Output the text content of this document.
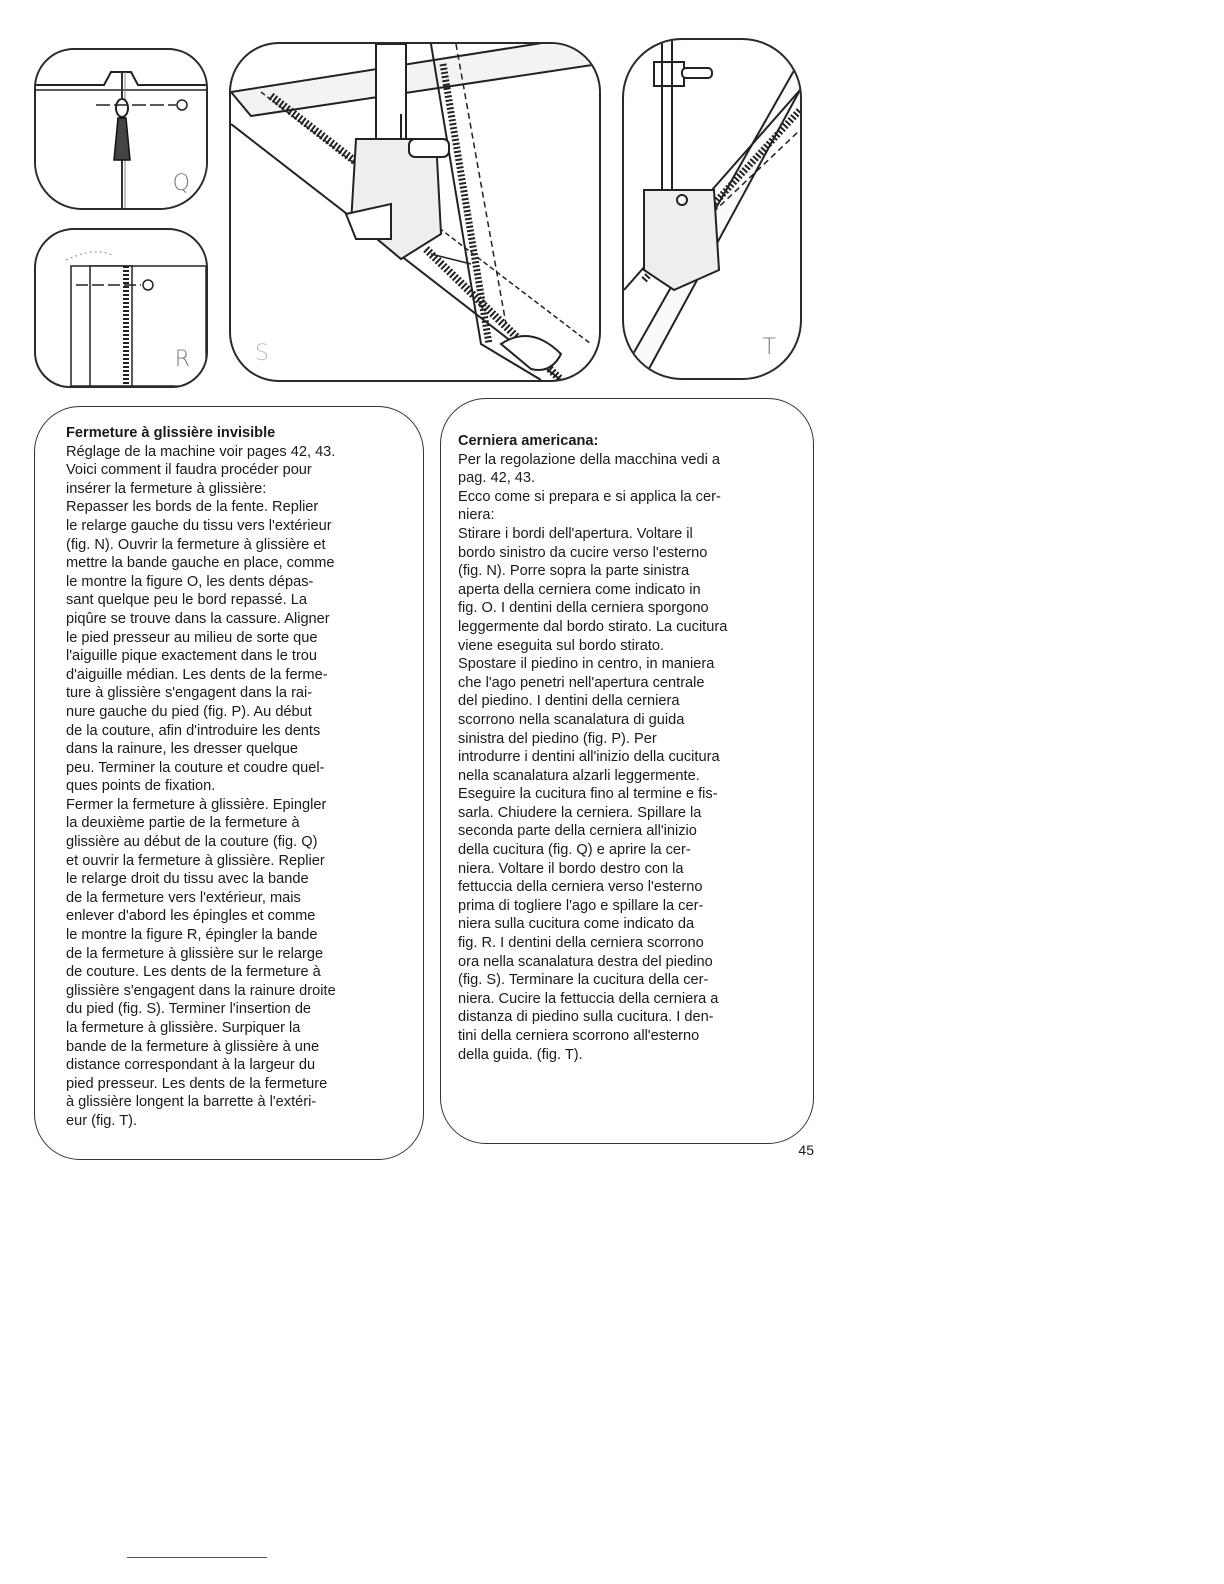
Q
R	S	T
Fermeture à glissière invisible
Réglage de la machine voir pages 42, 43.
Voici comment il faudra procéder pour
insérer la fermeture à glissière:
Repasser les bords de la fente. Replier
le relarge gauche du tissu vers l'extérieur
(fig. N). Ouvrir la fermeture à glissière et
mettre la bande gauche en place, comme
le montre la figure O, les dents dépas-
sant quelque peu le bord repassé. La
piqûre se trouve dans la cassure. Aligner
le pied presseur au milieu de sorte que
l'aiguille pique exactement dans le trou
d'aiguille médian. Les dents de la ferme-
ture à glissière s'engagent dans la rai-
nure gauche du pied (fig. P). Au début
de la couture, afin d'introduire les dents
dans la rainure, les dresser quelque
peu. Terminer la couture et coudre quel-
ques points de fixation.
Fermer la fermeture à glissière. Epingler
la deuxième partie de la fermeture à
glissière au début de la couture (fig. Q)
et ouvrir la fermeture à glissière. Replier
le relarge droit du tissu avec la bande
de la fermeture vers l'extérieur, mais
enlever d'abord les épingles et comme
le montre la figure R, épingler la bande
de la fermeture à glissière sur le relarge
de couture. Les dents de la fermeture à
glissière s'engagent dans la rainure droite
du pied (fig. S). Terminer l'insertion de
la fermeture à glissière. Surpiquer la
bande de la fermeture à glissière à une
distance correspondant à la largeur du
pied presseur. Les dents de la fermeture
à glissière longent la barrette à l'extéri-
eur (fig. T).
Cerniera americana:
Per la regolazione della macchina vedi a
pag. 42, 43.
Ecco come si prepara e si applica la cer-
niera:
Stirare i bordi dell'apertura. Voltare il
bordo sinistro da cucire verso l'esterno
(fig. N). Porre sopra la parte sinistra
aperta della cerniera come indicato in
fig. O. I dentini della cerniera sporgono
leggermente dal bordo stirato. La cucitura
viene eseguita sul bordo stirato.
Spostare il piedino in centro, in maniera
che l'ago penetri nell'apertura centrale
del piedino. I dentini della cerniera
scorrono nella scanalatura di guida
sinistra del piedino (fig. P). Per
introdurre i dentini all'inizio della cucitura
nella scanalatura alzarli leggermente.
Eseguire la cucitura fino al termine e fis-
sarla. Chiudere la cerniera. Spillare la
seconda parte della cerniera all'inizio
della cucitura (fig. Q) e aprire la cer-
niera. Voltare il bordo destro con la
fettuccia della cerniera verso l'esterno
prima di togliere l'ago e spillare la cer-
niera sulla cucitura come indicato da
fig. R. I dentini della cerniera scorrono
ora nella scanalatura destra del piedino
(fig. S). Terminare la cucitura della cer-
niera. Cucire la fettuccia della cerniera a
distanza di piedino sulla cucitura. I den-
tini della cerniera scorrono all'esterno
della guida. (fig. T).
45
